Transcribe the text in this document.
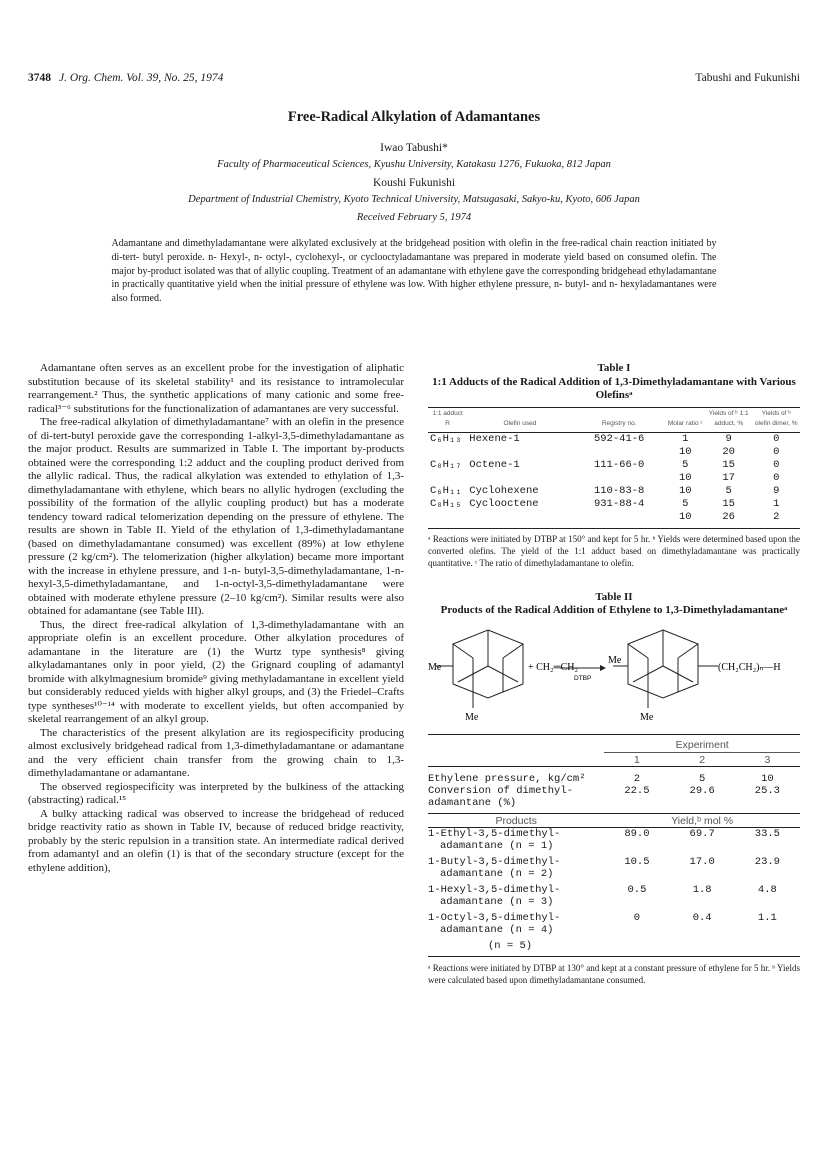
3748 J. Org. Chem. Vol. 39, No. 25, 1974	Tabushi and Fukunishi
Free-Radical Alkylation of Adamantanes
Iwao Tabushi*
Faculty of Pharmaceutical Sciences, Kyushu University, Katakasu 1276, Fukuoka, 812 Japan
Koushi Fukunishi
Department of Industrial Chemistry, Kyoto Technical University, Matsugasaki, Sakyo-ku, Kyoto, 606 Japan
Received February 5, 1974
Adamantane and dimethyladamantane were alkylated exclusively at the bridgehead position with olefin in the free-radical chain reaction initiated by di-tert- butyl peroxide. n- Hexyl-, n- octyl-, cyclohexyl-, or cyclooctyladamantane was prepared in moderate yield based on consumed olefin. The major by-product isolated was that of allylic coupling. Treatment of an adamantane with ethylene gave the corresponding bridgehead ethyladamantane in practically quantitative yield when the initial pressure of ethylene was low. With higher ethylene pressure, n- butyl- and n- hexyladamantanes were also formed.

Adamantane often serves as an excellent probe for the investigation of aliphatic substitution because of its skeletal stability¹ and its resistance to intramolecular rearrangement.² Thus, the synthetic applications of many cationic and some free-radical³⁻⁶ substitutions for the functionalization of adamantanes are very successful.

The free-radical alkylation of dimethyladamantane⁷ with an olefin in the presence of di-tert-butyl peroxide gave the corresponding 1-alkyl-3,5-dimethyladamantane as the major product. Results are summarized in Table I. The important by-products obtained were the corresponding 1:2 adduct and the coupling product derived from the allylic radical. Thus, the radical alkylation was extended to ethylation of 1,3-dimethyladamantane with ethylene, which bears no allylic hydrogen (excluding the possibility of the formation of the allylic coupling product) but has a moderate tendency toward radical telomerization depending on the pressure of ethylene. The results are shown in Table II. Yield of the ethylation of 1,3-dimethyladamantane (based on dimethyladamantane consumed) was excellent (89%) at low ethylene pressure (2 kg/cm²). The telomerization (higher alkylation) became more important with the increase in ethylene pressure, and 1-n- butyl-3,5-dimethyladamantane, 1-n- hexyl-3,5-dimethyladamantane, and 1-n-octyl-3,5-dimethyladamantane were obtained with moderate ethylene pressure (2–10 kg/cm²). Similar results were also obtained for adamantane (see Table III).

Thus, the direct free-radical alkylation of 1,3-dimethyladamantane with an appropriate olefin is an excellent procedure. Other alkylation procedures of adamantane in the literature are (1) the Wurtz type synthesis⁸ giving alkyladamantanes only in poor yield, (2) the Grignard coupling of adamantyl bromide with alkylmagnesium bromide⁹ giving methyladamantane in excellent yield but considerably reduced yields with higher alkyl groups, and (3) the Friedel–Crafts type syntheses¹⁰⁻¹⁴ with moderate to excellent yields, but often accompanied by skeletal rearrangement of an alkyl group.

The characteristics of the present alkylation are its regiospecificity producing almost exclusively bridgehead radical from 1,3-dimethyladamantane or adamantane and the very efficient chain transfer from the growing chain to 1,3-dimethyladamantane or adamantane.

The observed regiospecificity was interpreted by the bulkiness of the attacking (abstracting) radical.¹⁵

A bulky attacking radical was observed to increase the bridgehead of reduced bridge reactivity ratio as shown in Table IV, because of reduced bridge reactivity, probably by the steric repulsion in a transition state. An intermediate radical derived from adamantyl and an olefin (1) is that of the secondary structure (except for the ethylene addition),

Table I
1:1 Adducts of the Radical Addition of 1,3-Dimethyladamantane with Various Olefinsᵃ
1:1 adduct R	Olefin used	Registry no.	Molar ratio ᶜ	Yields of ᵇ 1:1 adduct, %	Yields of ᵇ olefin dimer, %
C₆H₁₃	Hexene-1	592-41-6	1	9	0
			10	20	0
C₈H₁₇	Octene-1	111-66-0	5	15	0
			10	17	0
C₆H₁₁	Cyclohexene	110-83-8	10	5	9
C₈H₁₅	Cyclooctene	931-88-4	5	15	1
			10	26	2
ᵃ Reactions were initiated by DTBP at 150° and kept for 5 hr. ᵇ Yields were determined based upon the converted olefins. The yield of the 1:1 adduct based on dimethyladamantane was practically quantitative. ᶜ The ratio of dimethyladamantane to olefin.
Table II
Products of the Radical Addition of Ethylene to 1,3-Dimethyladamantaneᵃ
Me
Me
+ CH₂═CH₂
DTBP
Me
Me
(CH₂CH₂)ₙ—H

	Experiment		
	1	2	3

Ethylene pressure, kg/cm²	2	5	10
Conversion of dimethyl-adamantane (%)	22.5	29.6	25.3
Products	Yield,ᵇ mol %		
1-Ethyl-3,5-dimethyl-	89.0	69.7	33.5
adamantane (n = 1)			
1-Butyl-3,5-dimethyl-	10.5	17.0	23.9
adamantane (n = 2)			
1-Hexyl-3,5-dimethyl-	0.5	1.8	4.8
adamantane (n = 3)			
1-Octyl-3,5-dimethyl-	0	0.4	1.1
adamantane (n = 4)			
(n = 5)			
ᵃ Reactions were initiated by DTBP at 130° and kept at a constant pressure of ethylene for 5 hr. ᵇ Yields were calculated based upon dimethyladamantane consumed.
